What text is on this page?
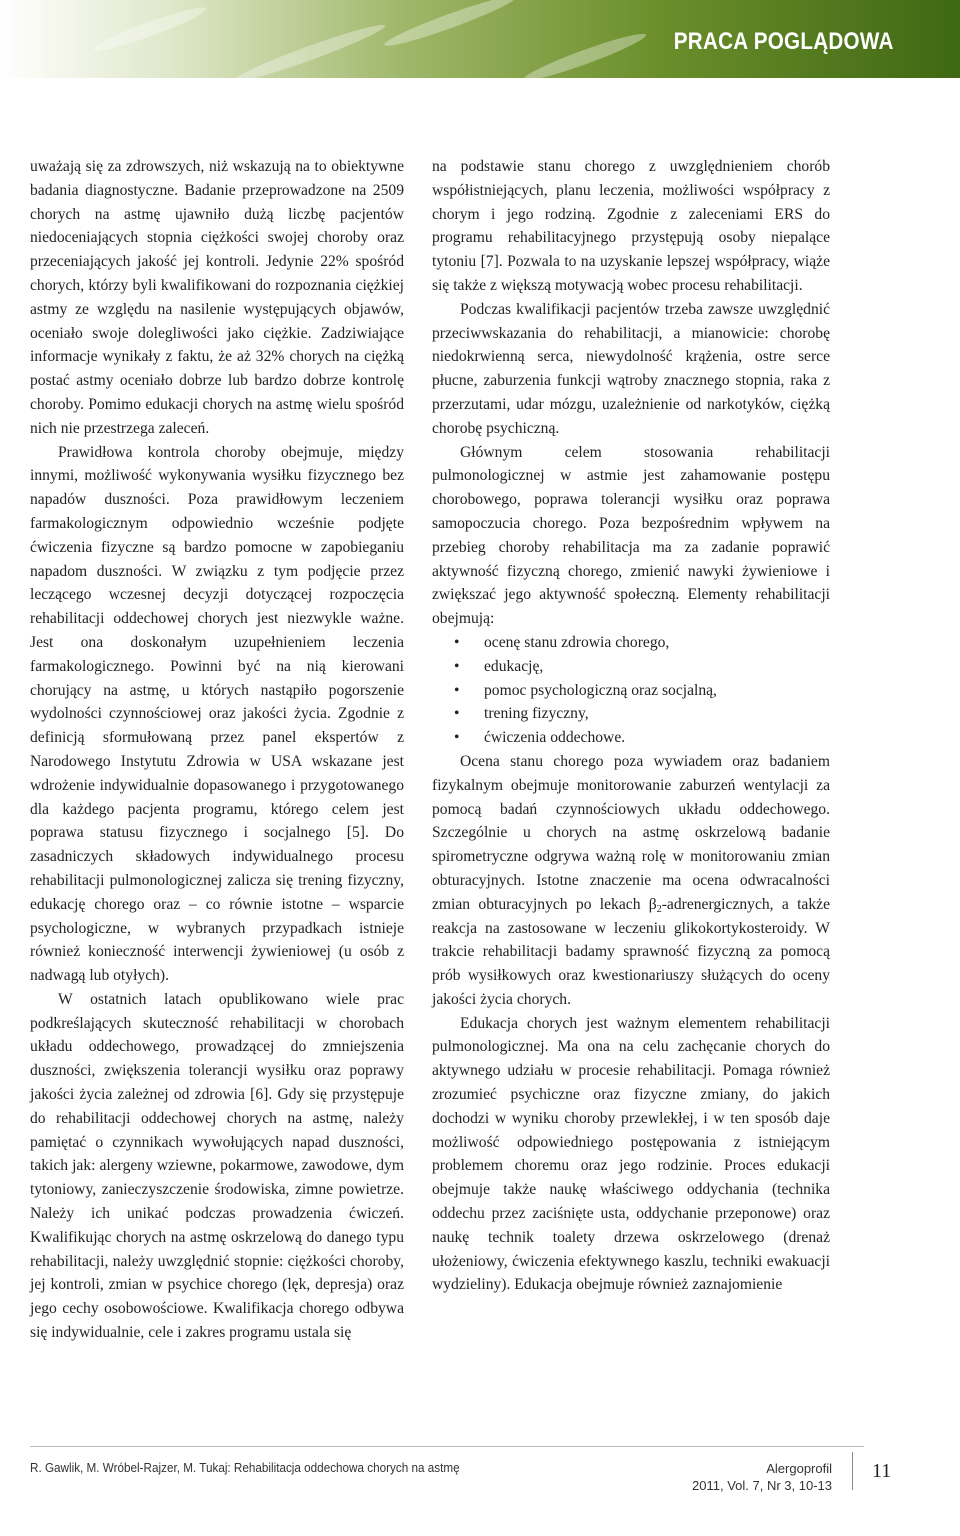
PRACA POGLĄDOWA

uważają się za zdrowszych, niż wskazują na to obiektywne badania diagnostyczne. Badanie przeprowadzone na 2509 chorych na astmę ujawniło dużą liczbę pacjentów niedoceniających stopnia ciężkości swojej choroby oraz przeceniających jakość jej kontroli. Jedynie 22% spośród chorych, którzy byli kwalifikowani do rozpoznania ciężkiej astmy ze względu na nasilenie występujących objawów, oceniało swoje dolegliwości jako ciężkie. Zadziwiające informacje wynikały z faktu, że aż 32% chorych na ciężką postać astmy oceniało dobrze lub bardzo dobrze kontrolę choroby. Pomimo edukacji chorych na astmę wielu spośród nich nie przestrzega zaleceń.

Prawidłowa kontrola choroby obejmuje, między innymi, możliwość wykonywania wysiłku fizycznego bez napadów duszności. Poza prawidłowym leczeniem farmakologicznym odpowiednio wcześnie podjęte ćwiczenia fizyczne są bardzo pomocne w zapobieganiu napadom duszności. W związku z tym podjęcie przez leczącego wczesnej decyzji dotyczącej rozpoczęcia rehabilitacji oddechowej chorych jest niezwykle ważne. Jest ona doskonałym uzupełnieniem leczenia farmakologicznego. Powinni być na nią kierowani chorujący na astmę, u których nastąpiło pogorszenie wydolności czynnościowej oraz jakości życia. Zgodnie z definicją sformułowaną przez panel ekspertów z Narodowego Instytutu Zdrowia w USA wskazane jest wdrożenie indywidualnie dopasowanego i przygotowanego dla każdego pacjenta programu, którego celem jest poprawa statusu fizycznego i socjalnego [5]. Do zasadniczych składowych indywidualnego procesu rehabilitacji pulmonologicznej zalicza się trening fizyczny, edukację chorego oraz – co równie istotne – wsparcie psychologiczne, w wybranych przypadkach istnieje również konieczność interwencji żywieniowej (u osób z nadwagą lub otyłych).

W ostatnich latach opublikowano wiele prac podkreślających skuteczność rehabilitacji w chorobach układu oddechowego, prowadzącej do zmniejszenia duszności, zwiększenia tolerancji wysiłku oraz poprawy jakości życia zależnej od zdrowia [6]. Gdy się przystępuje do rehabilitacji oddechowej chorych na astmę, należy pamiętać o czynnikach wywołujących napad duszności, takich jak: alergeny wziewne, pokarmowe, zawodowe, dym tytoniowy, zanieczyszczenie środowiska, zimne powietrze. Należy ich unikać podczas prowadzenia ćwiczeń. Kwalifikując chorych na astmę oskrzelową do danego typu rehabilitacji, należy uwzględnić stopnie: ciężkości choroby, jej kontroli, zmian w psychice chorego (lęk, depresja) oraz jego cechy osobowościowe. Kwalifikacja chorego odbywa się indywidualnie, cele i zakres programu ustala się

na podstawie stanu chorego z uwzględnieniem chorób współistniejących, planu leczenia, możliwości współpracy z chorym i jego rodziną. Zgodnie z zaleceniami ERS do programu rehabilitacyjnego przystępują osoby niepalące tytoniu [7]. Pozwala to na uzyskanie lepszej współpracy, wiąże się także z większą motywacją wobec procesu rehabilitacji.

Podczas kwalifikacji pacjentów trzeba zawsze uwzględnić przeciwwskazania do rehabilitacji, a mianowicie: chorobę niedokrwienną serca, niewydolność krążenia, ostre serce płucne, zaburzenia funkcji wątroby znacznego stopnia, raka z przerzutami, udar mózgu, uzależnienie od narkotyków, ciężką chorobę psychiczną.

Głównym celem stosowania rehabilitacji pulmonologicznej w astmie jest zahamowanie postępu chorobowego, poprawa tolerancji wysiłku oraz poprawa samopoczucia chorego. Poza bezpośrednim wpływem na przebieg choroby rehabilitacja ma za zadanie poprawić aktywność fizyczną chorego, zmienić nawyki żywieniowe i zwiększać jego aktywność społeczną. Elementy rehabilitacji obejmują:

• ocenę stanu zdrowia chorego,
• edukację,
• pomoc psychologiczną oraz socjalną,
• trening fizyczny,
• ćwiczenia oddechowe.

Ocena stanu chorego poza wywiadem oraz badaniem fizykalnym obejmuje monitorowanie zaburzeń wentylacji za pomocą badań czynnościowych układu oddechowego. Szczególnie u chorych na astmę oskrzelową badanie spirometryczne odgrywa ważną rolę w monitorowaniu zmian obturacyjnych. Istotne znaczenie ma ocena odwracalności zmian obturacyjnych po lekach $\beta_2$-adrenergicznych, a także reakcja na zastosowane w leczeniu glikokortykosteroidy. W trakcie rehabilitacji badamy sprawność fizyczną za pomocą prób wysiłkowych oraz kwestionariuszy służących do oceny jakości życia chorych.

Edukacja chorych jest ważnym elementem rehabilitacji pulmonologicznej. Ma ona na celu zachęcanie chorych do aktywnego udziału w procesie rehabilitacji. Pomaga również zrozumieć psychiczne oraz fizyczne zmiany, do jakich dochodzi w wyniku choroby przewlekłej, i w ten sposób daje możliwość odpowiedniego postępowania z istniejącym problemem choremu oraz jego rodzinie. Proces edukacji obejmuje także naukę właściwego oddychania (technika oddechu przez zaciśnięte usta, oddychanie przeponowe) oraz naukę technik toalety drzewa oskrzelowego (drenaż ułożeniowy, ćwiczenia efektywnego kaszlu, techniki ewakuacji wydzieliny). Edukacja obejmuje również zaznajomienie

R. Gawlik, M. Wróbel-Rajzer, M. Tukaj: Rehabilitacja oddechowa chorych na astmę	Alergoprofil
2011, Vol. 7, Nr 3, 10-13
11
